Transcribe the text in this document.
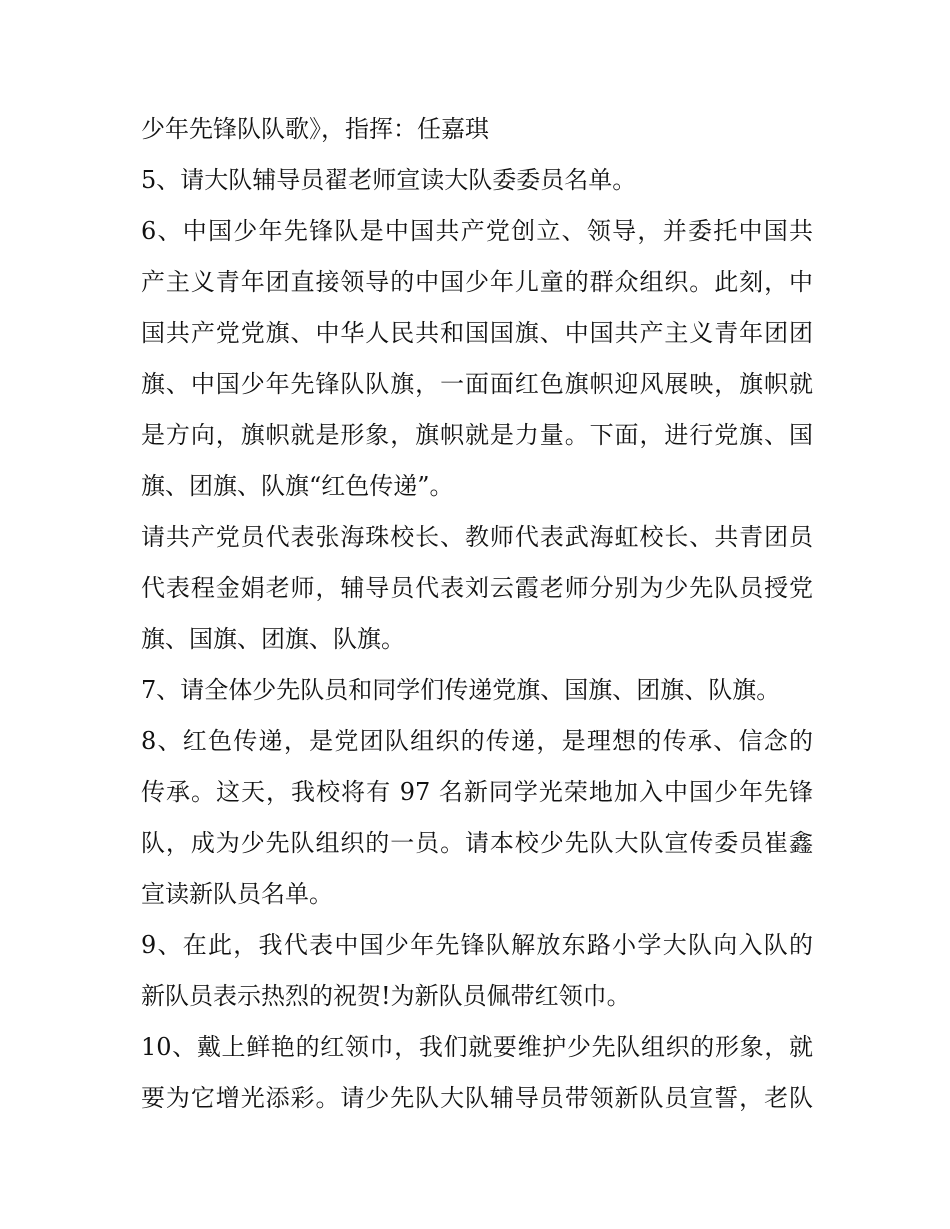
少年先锋队队歌》，指挥：任嘉琪
5、请大队辅导员翟老师宣读大队委委员名单。
6、中国少年先锋队是中国共产党创立、领导，并委托中国共
产主义青年团直接领导的中国少年儿童的群众组织。此刻，中
国共产党党旗、中华人民共和国国旗、中国共产主义青年团团
旗、中国少年先锋队队旗，一面面红色旗帜迎风展映，旗帜就
是方向，旗帜就是形象，旗帜就是力量。下面，进行党旗、国
旗、团旗、队旗“红色传递”。
请共产党员代表张海珠校长、教师代表武海虹校长、共青团员
代表程金娟老师，辅导员代表刘云霞老师分别为少先队员授党
旗、国旗、团旗、队旗。
7、请全体少先队员和同学们传递党旗、国旗、团旗、队旗。
8、红色传递，是党团队组织的传递，是理想的传承、信念的
传承。这天，我校将有 97 名新同学光荣地加入中国少年先锋
队，成为少先队组织的一员。请本校少先队大队宣传委员崔鑫
宣读新队员名单。
9、在此，我代表中国少年先锋队解放东路小学大队向入队的
新队员表示热烈的祝贺!为新队员佩带红领巾。
10、戴上鲜艳的红领巾，我们就要维护少先队组织的形象，就
要为它增光添彩。请少先队大队辅导员带领新队员宣誓，老队
